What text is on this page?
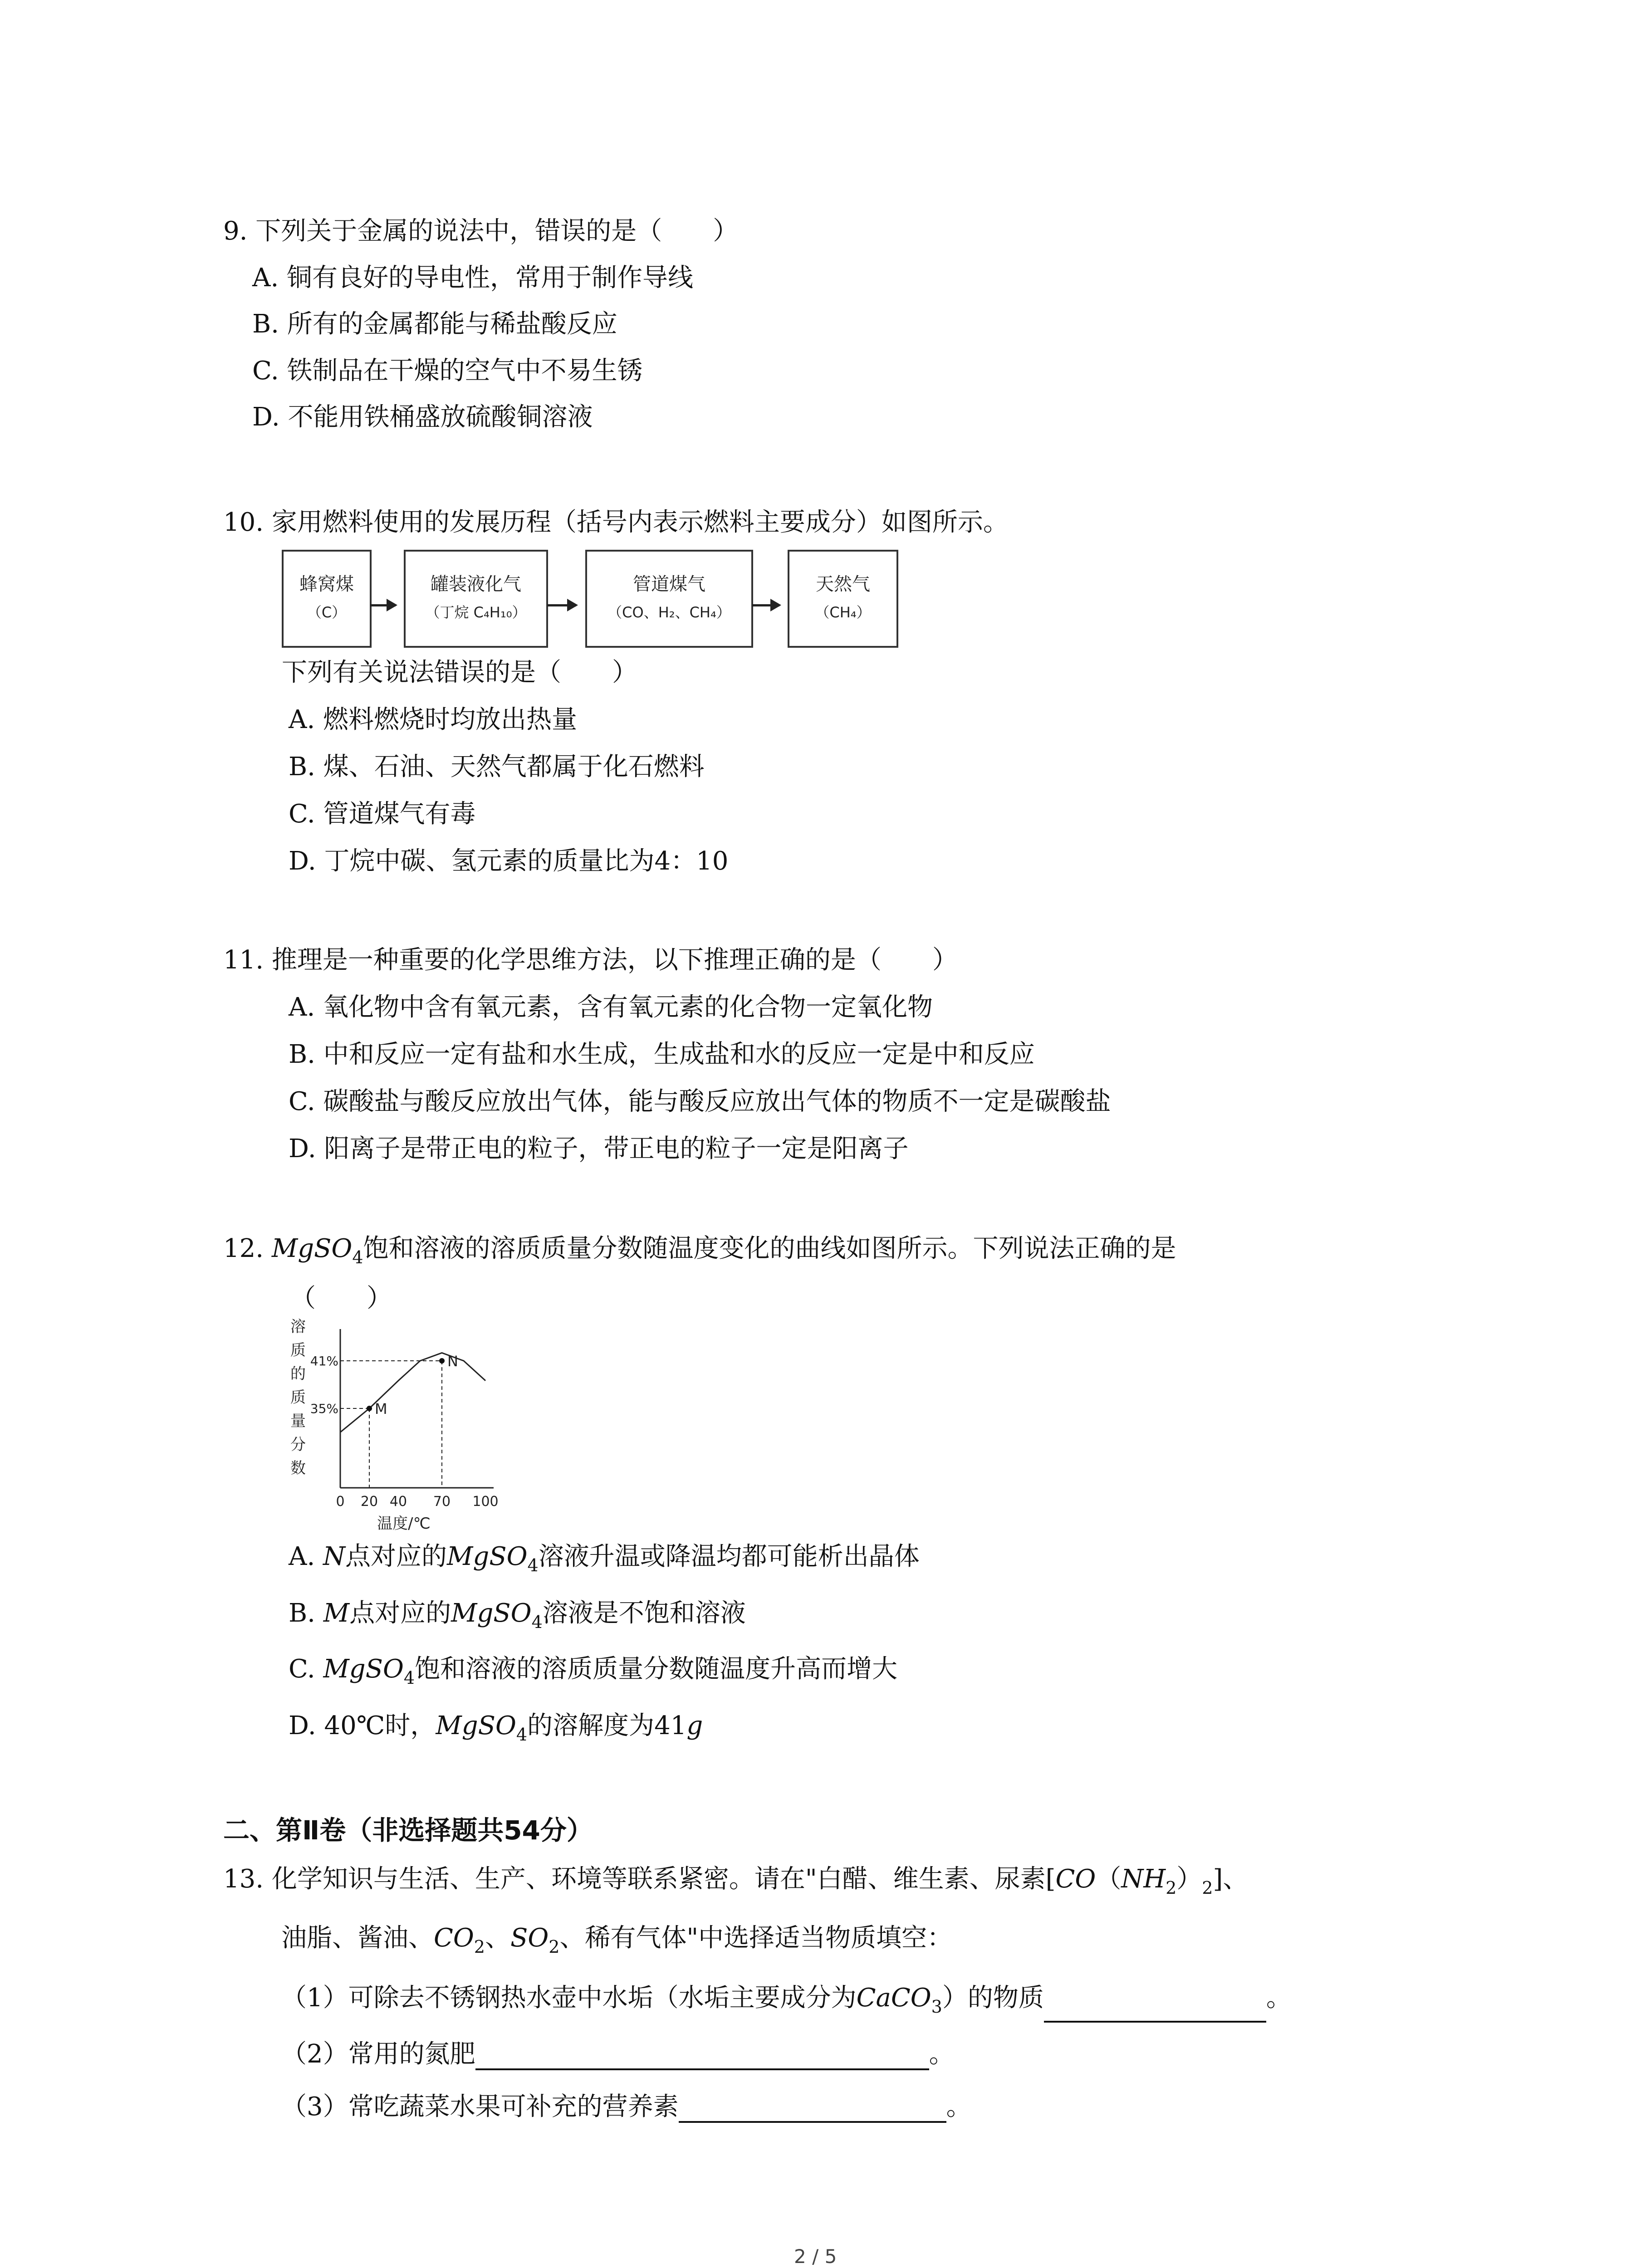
9. 下列关于金属的说法中，错误的是（　　）
A. 铜有良好的导电性，常用于制作导线
B. 所有的金属都能与稀盐酸反应
C. 铁制品在干燥的空气中不易生锈
D. 不能用铁桶盛放硫酸铜溶液
10. 家用燃料使用的发展历程（括号内表示燃料主要成分）如图所示。
蜂窝煤
（C）
罐装液化气
（丁烷 C₄H₁₀）
管道煤气
（CO、H₂、CH₄）
天然气
（CH₄）
下列有关说法错误的是（　　）
A. 燃料燃烧时均放出热量
B. 煤、石油、天然气都属于化石燃料
C. 管道煤气有毒
D. 丁烷中碳、氢元素的质量比为4：10
11. 推理是一种重要的化学思维方法，以下推理正确的是（　　）
A. 氧化物中含有氧元素，含有氧元素的化合物一定氧化物
B. 中和反应一定有盐和水生成，生成盐和水的反应一定是中和反应
C. 碳酸盐与酸反应放出气体，能与酸反应放出气体的物质不一定是碳酸盐
D. 阳离子是带正电的粒子，带正电的粒子一定是阳离子
12. MgSO$_4$饱和溶液的溶质质量分数随温度变化的曲线如图所示。下列说法正确的是
（　　）
溶
质
的
质
量
分
数
0 20 40 70 100
35%
41%
M
N
温度/℃
A. N点对应的MgSO$_4$溶液升温或降温均都可能析出晶体
B. M点对应的MgSO$_4$溶液是不饱和溶液
C. MgSO$_4$饱和溶液的溶质质量分数随温度升高而增大
D. 40℃时，MgSO$_4$的溶解度为41g
二、第Ⅱ卷（非选择题共54分）
13. 化学知识与生活、生产、环境等联系紧密。请在"白醋、维生素、尿素$[CO(NH_2)_2]$、
油脂、酱油、$CO_2$、$SO_2$、稀有气体"中选择适当物质填空：
（1）可除去不锈钢热水壶中水垢（水垢主要成分为CaCO$_3$）的物质	。
（2）常用的氮肥	。
（3）常吃蔬菜水果可补充的营养素	。
2 / 5
